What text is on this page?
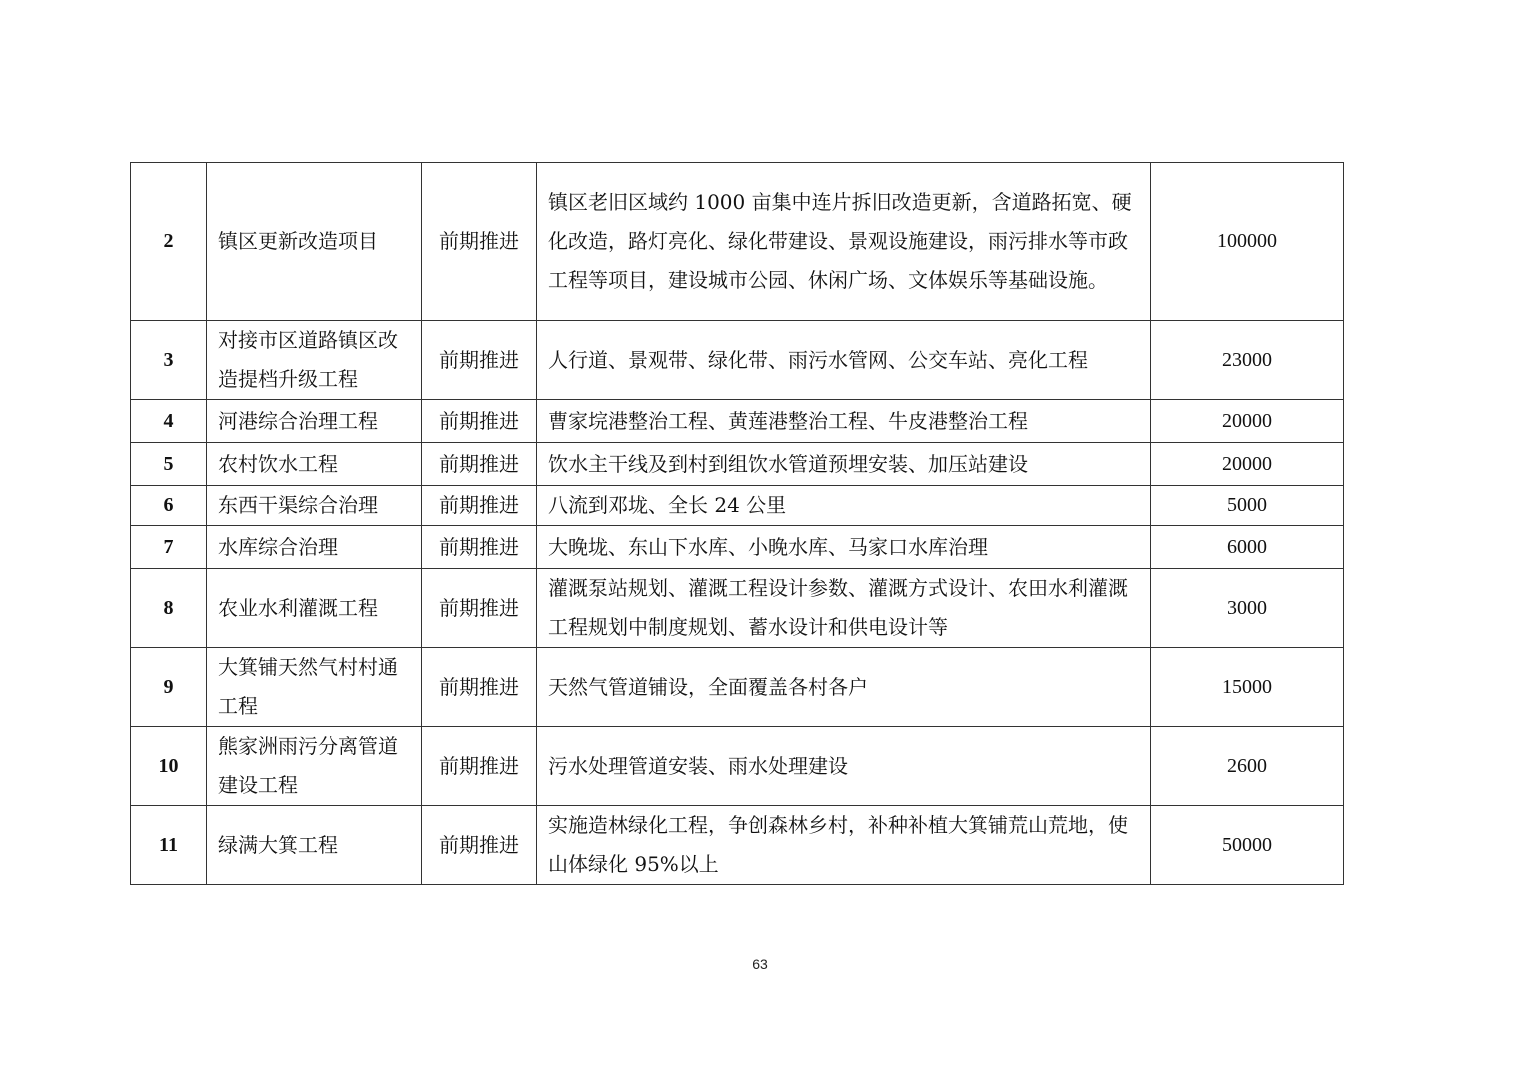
2	镇区更新改造项目	前期推进	镇区老旧区域约 1000 亩集中连片拆旧改造更新，含道路拓宽、硬化改造，路灯亮化、绿化带建设、景观设施建设，雨污排水等市政工程等项目，建设城市公园、休闲广场、文体娱乐等基础设施。	100000
3	对接市区道路镇区改造提档升级工程	前期推进	人行道、景观带、绿化带、雨污水管网、公交车站、亮化工程	23000
4	河港综合治理工程	前期推进	曹家垸港整治工程、黄莲港整治工程、牛皮港整治工程	20000
5	农村饮水工程	前期推进	饮水主干线及到村到组饮水管道预埋安装、加压站建设	20000
6	东西干渠综合治理	前期推进	八流到邓垅、全长 24 公里	5000
7	水库综合治理	前期推进	大晚垅、东山下水库、小晚水库、马家口水库治理	6000
8	农业水利灌溉工程	前期推进	灌溉泵站规划、灌溉工程设计参数、灌溉方式设计、农田水利灌溉工程规划中制度规划、蓄水设计和供电设计等	3000
9	大箕铺天然气村村通工程	前期推进	天然气管道铺设，全面覆盖各村各户	15000
10	熊家洲雨污分离管道建设工程	前期推进	污水处理管道安装、雨水处理建设	2600
11	绿满大箕工程	前期推进	实施造林绿化工程，争创森林乡村，补种补植大箕铺荒山荒地，使山体绿化 95%以上	50000
63
